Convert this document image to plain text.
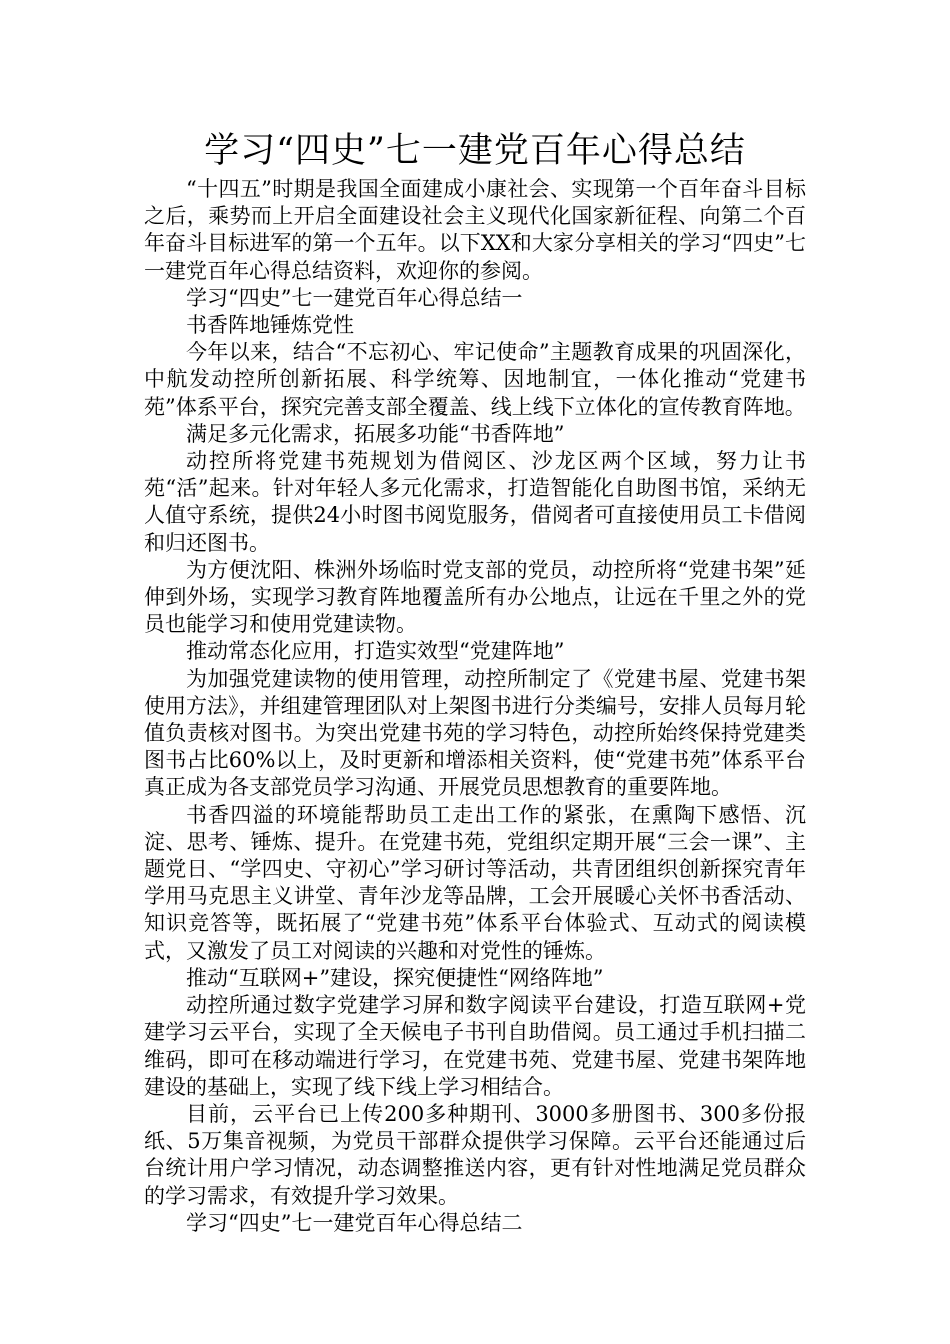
学习“四史”七一建党百年心得总结

“十四五”时期是我国全面建成小康社会、实现第一个百年奋斗目标之后，乘势而上开启全面建设社会主义现代化国家新征程、向第二个百年奋斗目标进军的第一个五年。以下XX和大家分享相关的学习“四史”七一建党百年心得总结资料，欢迎你的参阅。

学习“四史”七一建党百年心得总结一

书香阵地锤炼党性

今年以来，结合“不忘初心、牢记使命”主题教育成果的巩固深化，中航发动控所创新拓展、科学统筹、因地制宜，一体化推动“党建书苑”体系平台，探究完善支部全覆盖、线上线下立体化的宣传教育阵地。

满足多元化需求，拓展多功能“书香阵地”

动控所将党建书苑规划为借阅区、沙龙区两个区域，努力让书苑“活”起来。针对年轻人多元化需求，打造智能化自助图书馆，采纳无人值守系统，提供24小时图书阅览服务，借阅者可直接使用员工卡借阅和归还图书。

为方便沈阳、株洲外场临时党支部的党员，动控所将“党建书架”延伸到外场，实现学习教育阵地覆盖所有办公地点，让远在千里之外的党员也能学习和使用党建读物。

推动常态化应用，打造实效型“党建阵地”

为加强党建读物的使用管理，动控所制定了《党建书屋、党建书架使用方法》，并组建管理团队对上架图书进行分类编号，安排人员每月轮值负责核对图书。为突出党建书苑的学习特色，动控所始终保持党建类图书占比60%以上，及时更新和增添相关资料，使“党建书苑”体系平台真正成为各支部党员学习沟通、开展党员思想教育的重要阵地。

书香四溢的环境能帮助员工走出工作的紧张，在熏陶下感悟、沉淀、思考、锤炼、提升。在党建书苑，党组织定期开展“三会一课”、主题党日、“学四史、守初心”学习研讨等活动，共青团组织创新探究青年学用马克思主义讲堂、青年沙龙等品牌，工会开展暖心关怀书香活动、知识竞答等，既拓展了“党建书苑”体系平台体验式、互动式的阅读模式，又激发了员工对阅读的兴趣和对党性的锤炼。

推动“互联网+”建设，探究便捷性“网络阵地”

动控所通过数字党建学习屏和数字阅读平台建设，打造互联网+党建学习云平台，实现了全天候电子书刊自助借阅。员工通过手机扫描二维码，即可在移动端进行学习，在党建书苑、党建书屋、党建书架阵地建设的基础上，实现了线下线上学习相结合。

目前，云平台已上传200多种期刊、3000多册图书、300多份报纸、5万集音视频，为党员干部群众提供学习保障。云平台还能通过后台统计用户学习情况，动态调整推送内容，更有针对性地满足党员群众的学习需求，有效提升学习效果。

学习“四史”七一建党百年心得总结二
